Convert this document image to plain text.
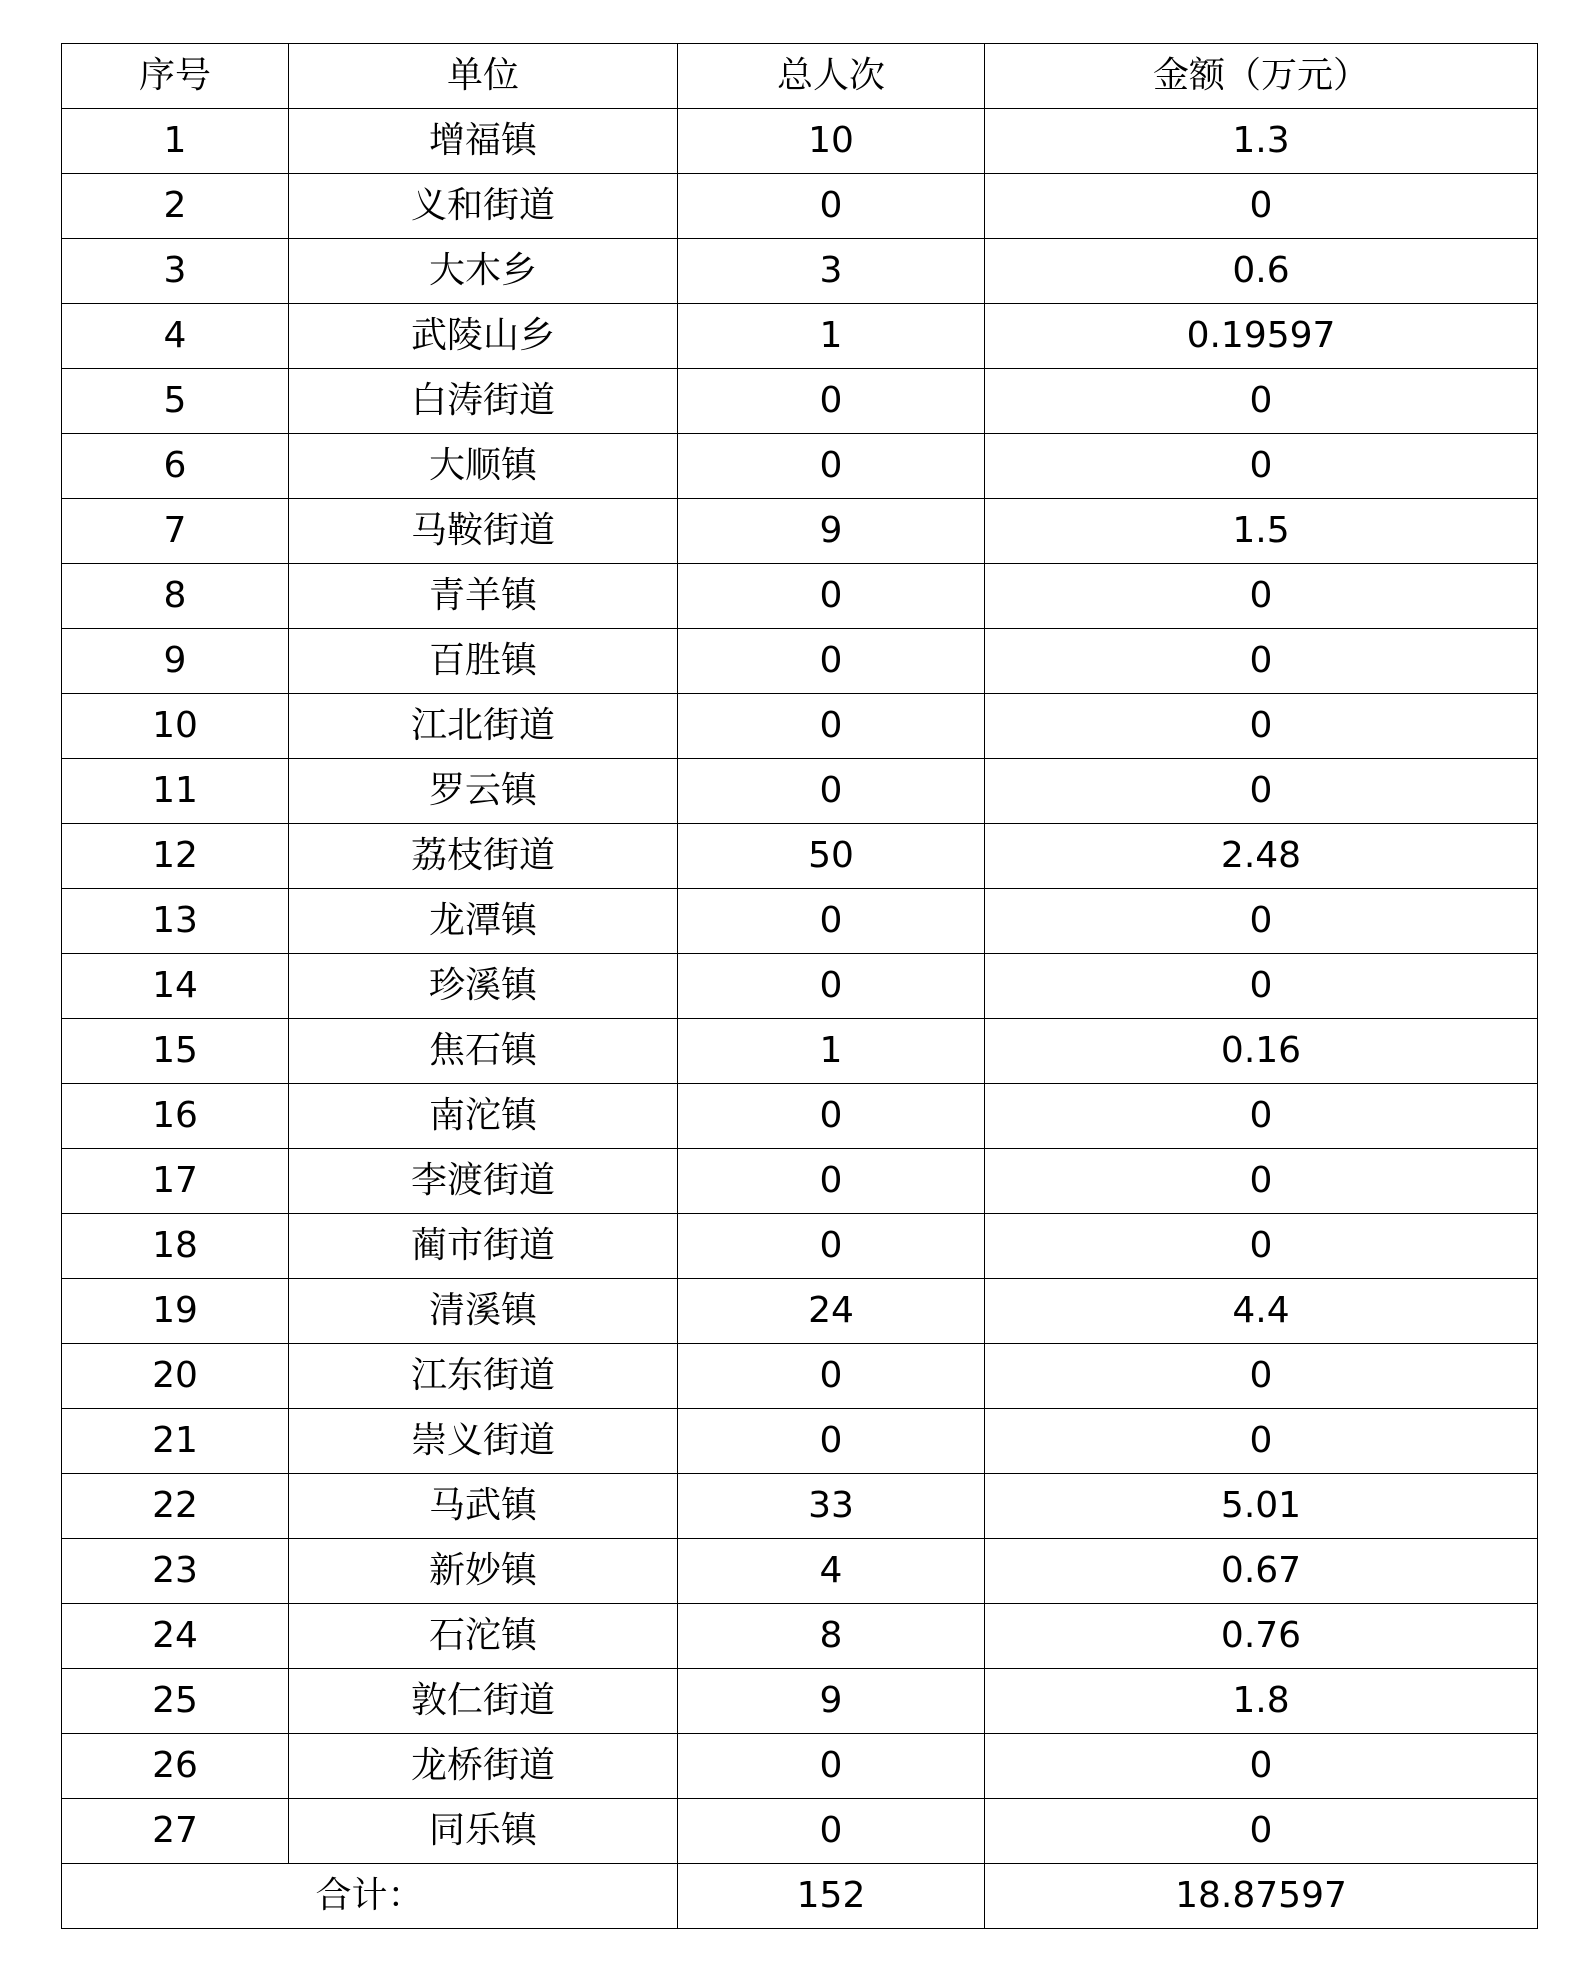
序号	单位	总人次	金额（万元）
1	增福镇	10	1.3
2	义和街道	0	0
3	大木乡	3	0.6
4	武陵山乡	1	0.19597
5	白涛街道	0	0
6	大顺镇	0	0
7	马鞍街道	9	1.5
8	青羊镇	0	0
9	百胜镇	0	0
10	江北街道	0	0
11	罗云镇	0	0
12	荔枝街道	50	2.48
13	龙潭镇	0	0
14	珍溪镇	0	0
15	焦石镇	1	0.16
16	南沱镇	0	0
17	李渡街道	0	0
18	蔺市街道	0	0
19	清溪镇	24	4.4
20	江东街道	0	0
21	崇义街道	0	0
22	马武镇	33	5.01
23	新妙镇	4	0.67
24	石沱镇	8	0.76
25	敦仁街道	9	1.8
26	龙桥街道	0	0
27	同乐镇	0	0
合计：		152	18.87597
